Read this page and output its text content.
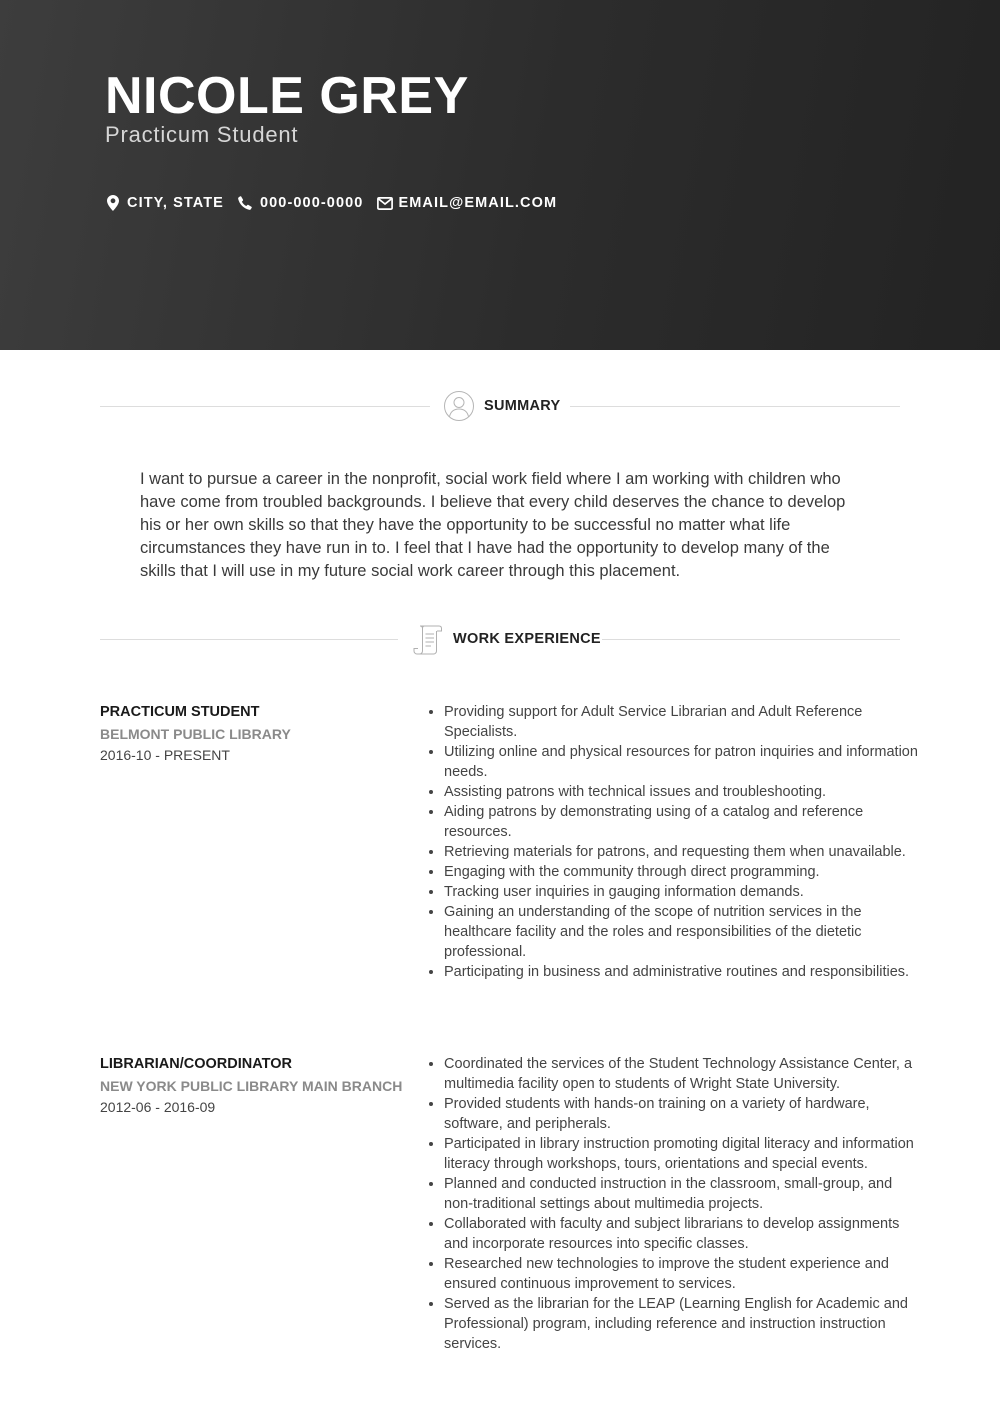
NICOLE GREY
Practicum Student
CITY, STATE 000-000-0000 EMAIL@EMAIL.COM
SUMMARY

I want to pursue a career in the nonprofit, social work field where I am working with children who have come from troubled backgrounds. I believe that every child deserves the chance to develop his or her own skills so that they have the opportunity to be successful no matter what life circumstances they have run in to. I feel that I have had the opportunity to develop many of the skills that I will use in my future social work career through this placement.

WORK EXPERIENCE
PRACTICUM STUDENT
BELMONT PUBLIC LIBRARY
2016-10 - PRESENT
• Providing support for Adult Service Librarian and Adult Reference Specialists.
• Utilizing online and physical resources for patron inquiries and information needs.
• Assisting patrons with technical issues and troubleshooting.
• Aiding patrons by demonstrating using of a catalog and reference resources.
• Retrieving materials for patrons, and requesting them when unavailable.
• Engaging with the community through direct programming.
• Tracking user inquiries in gauging information demands.
• Gaining an understanding of the scope of nutrition services in the healthcare facility and the roles and responsibilities of the dietetic professional.
• Participating in business and administrative routines and responsibilities.
LIBRARIAN/COORDINATOR
NEW YORK PUBLIC LIBRARY MAIN BRANCH
2012-06 - 2016-09
• Coordinated the services of the Student Technology Assistance Center, a multimedia facility open to students of Wright State University.
• Provided students with hands-on training on a variety of hardware, software, and peripherals.
• Participated in library instruction promoting digital literacy and information literacy through workshops, tours, orientations and special events.
• Planned and conducted instruction in the classroom, small-group, and non-traditional settings about multimedia projects.
• Collaborated with faculty and subject librarians to develop assignments and incorporate resources into specific classes.
• Researched new technologies to improve the student experience and ensured continuous improvement to services.
• Served as the librarian for the LEAP (Learning English for Academic and Professional) program, including reference and instruction instruction services.
